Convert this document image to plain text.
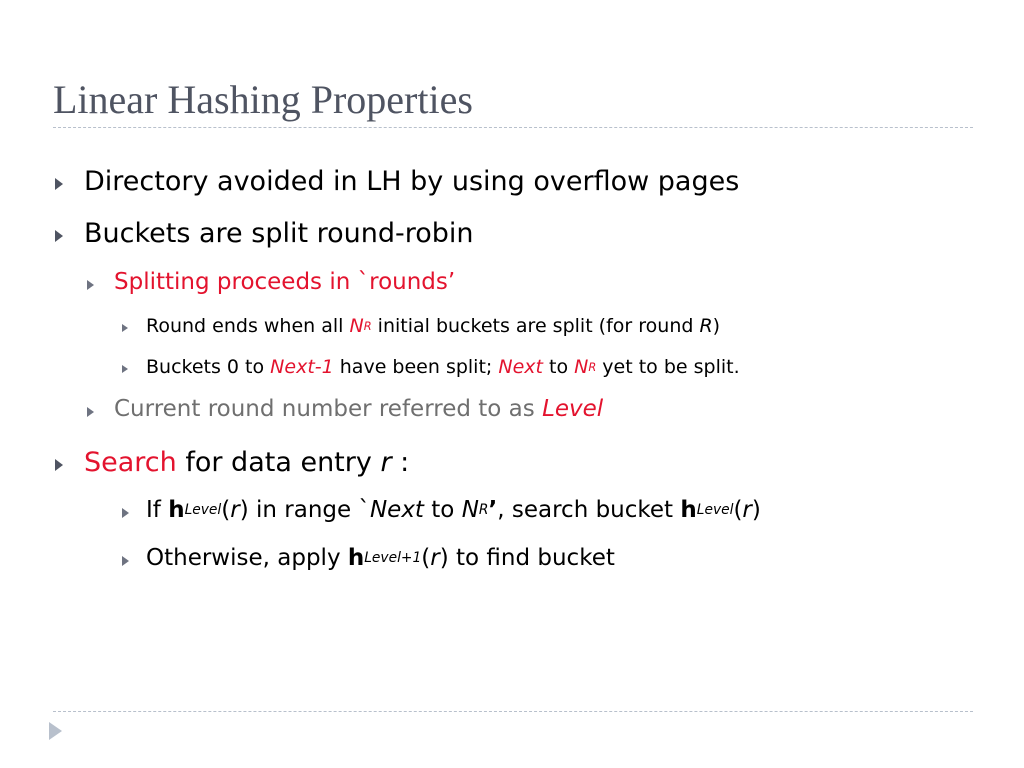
Linear Hashing Properties
Directory avoided in LH by using overflow pages
Buckets are split round-robin
Splitting proceeds in `rounds’
Round ends when all N R initial buckets are split (for round R )
Buckets 0 to Next-1 have been split; Next to N R yet to be split.
Current round number referred to as Level
Search for data entry r :
If h Level ( r ) in range ` Next to N R ’ , search bucket h Level ( r )
Otherwise, apply h Level+1 ( r ) to find bucket
